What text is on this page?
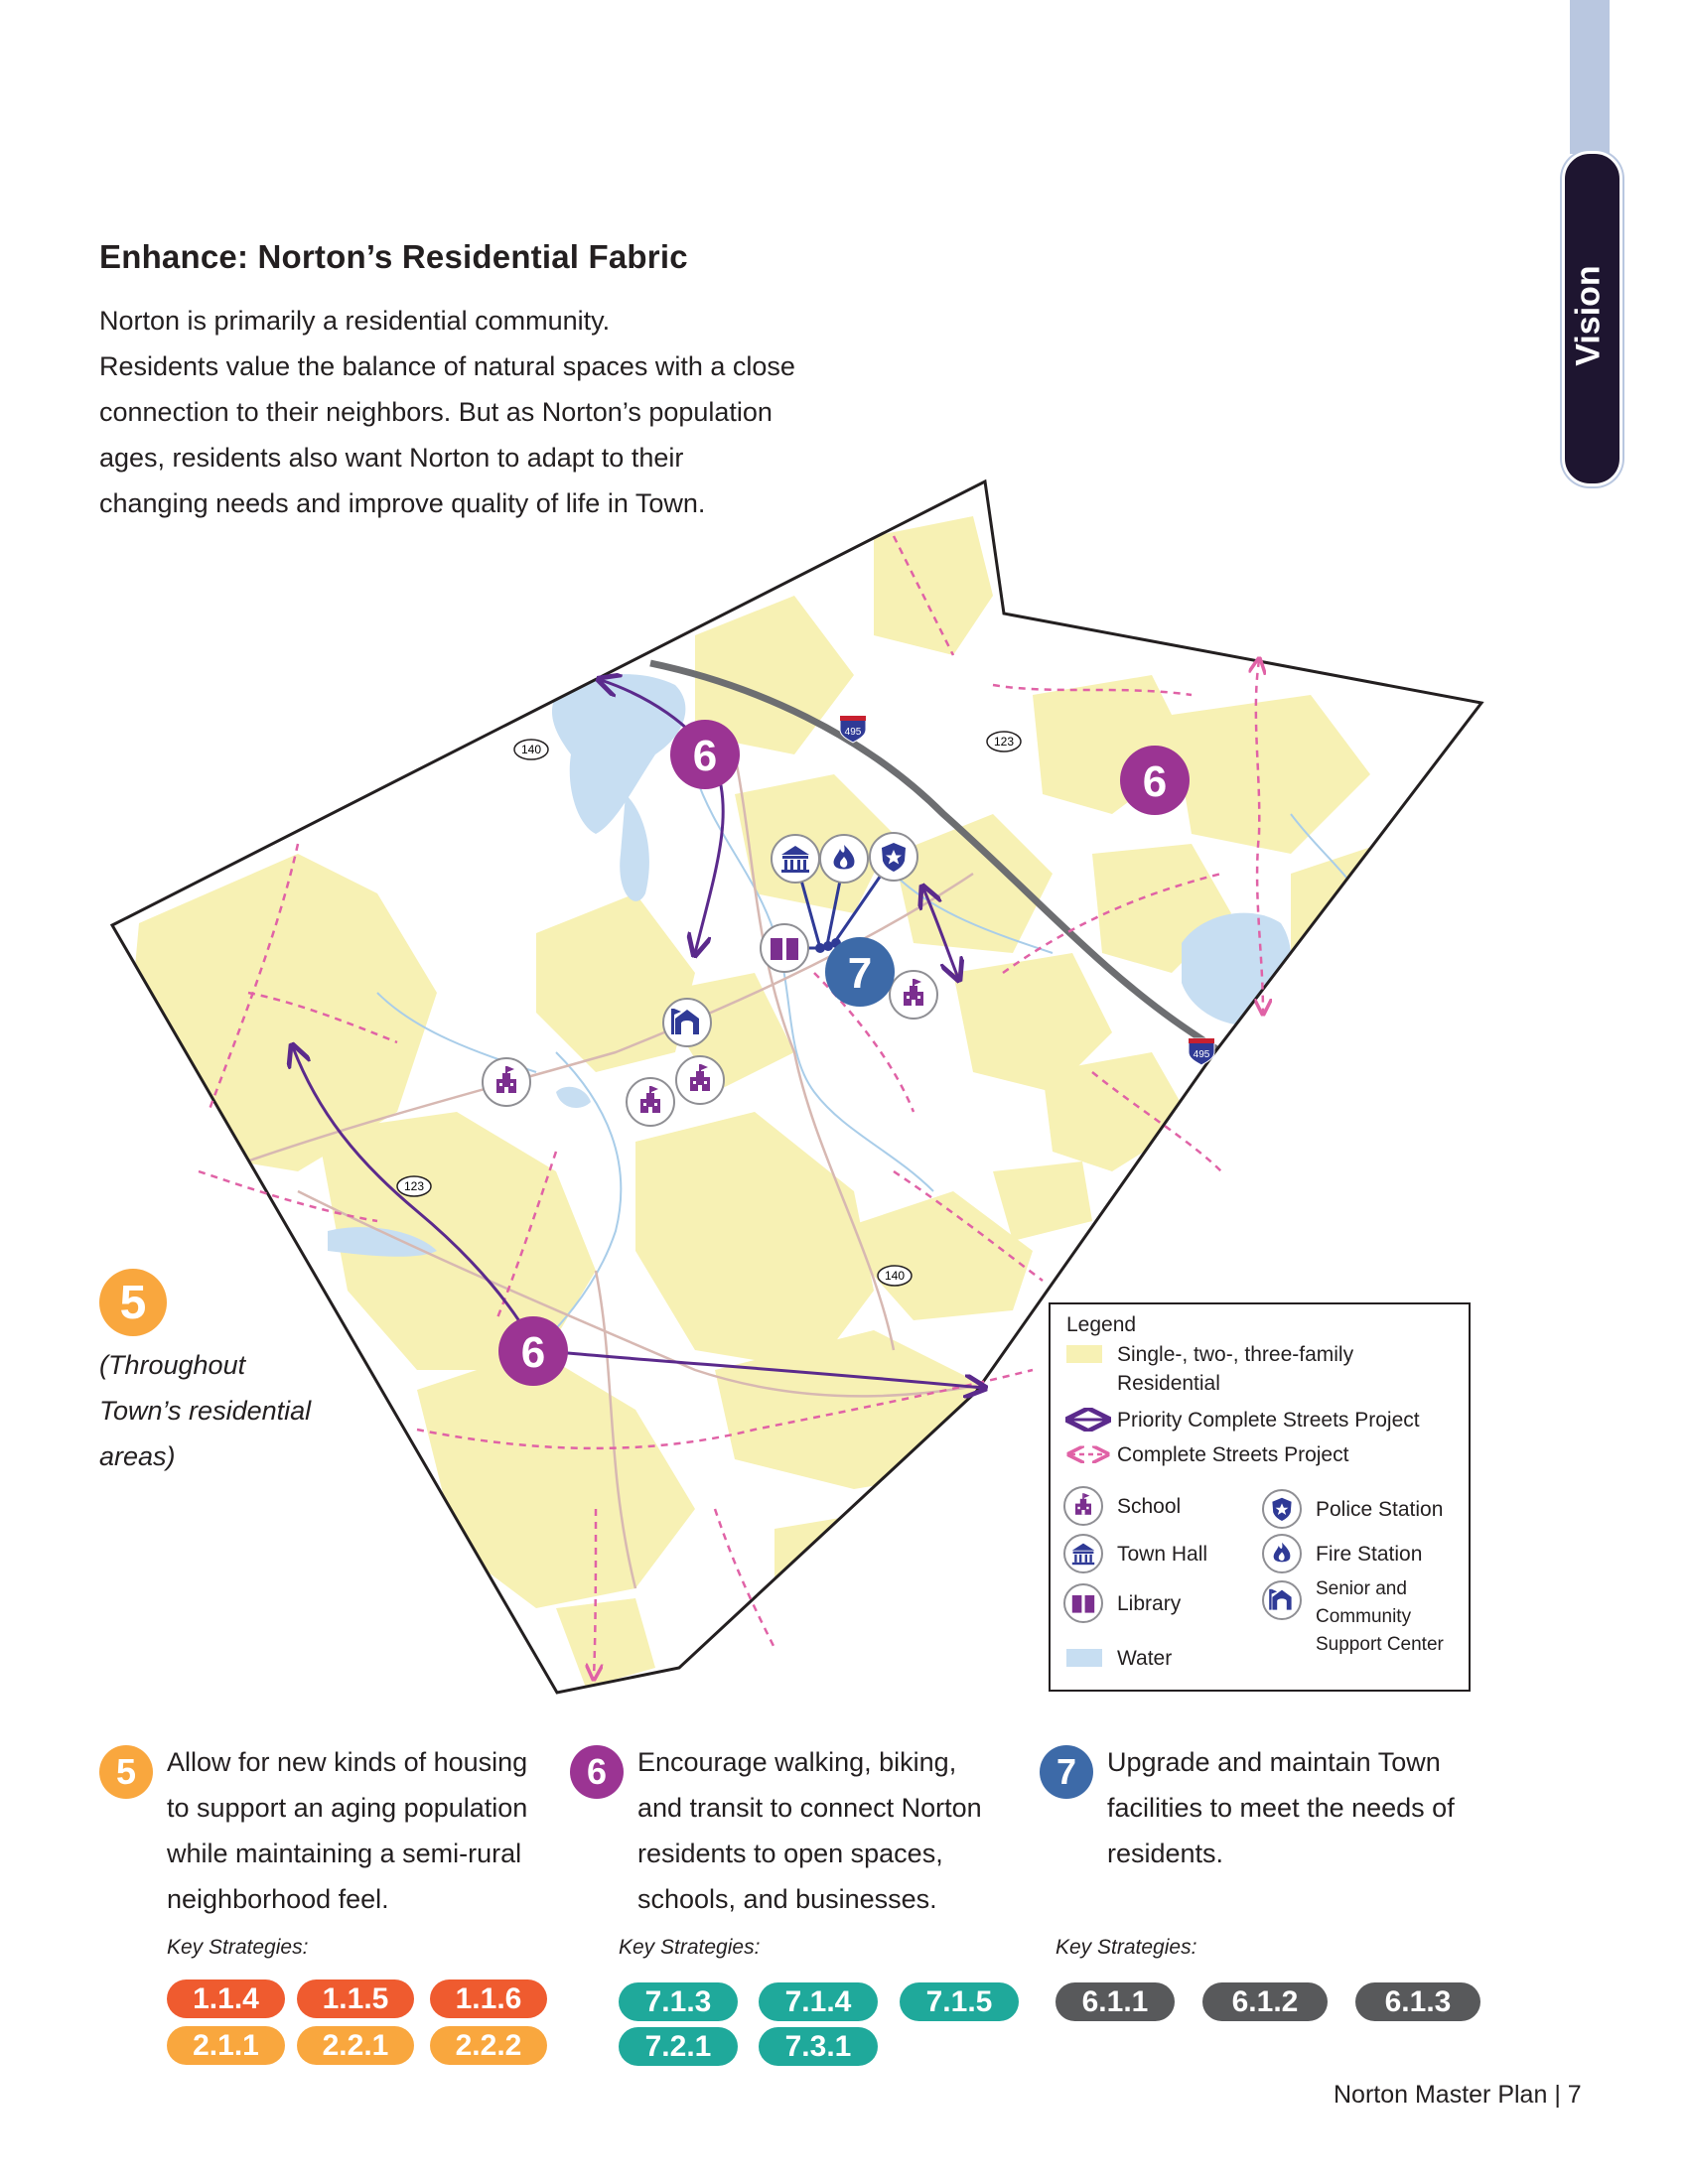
Vision
Enhance: Norton’s Residential Fabric

Norton is primarily a residential community.

Residents value the balance of natural spaces with a close

connection to their neighbors. But as Norton’s population

ages, residents also want Norton to adapt to their

changing needs and improve quality of life in Town.

140
123
123
140
495
495
6
6
7
6
Legend
Single-, two-, three-family
Residential
Priority Complete Streets Project
Complete Streets Project
School
Town Hall
Library
Water
Police Station
Fire Station
Senior and
Community
Support Center
5
(Throughout
Town’s residential
areas)
5	Allow for new kinds of housing
to support an aging population
while maintaining a semi-rural
neighborhood feel.
6	Encourage walking, biking,
and transit to connect Norton
residents to open spaces,
schools, and businesses.
7	Upgrade and maintain Town
facilities to meet the needs of
residents.
Key Strategies:	Key Strategies:	Key Strategies:
1.1.4	1.1.5	1.1.6
2.1.1	2.2.1	2.2.2
7.1.3	7.1.4	7.1.5
7.2.1	7.3.1
6.1.1	6.1.2	6.1.3
Norton Master Plan | 7
